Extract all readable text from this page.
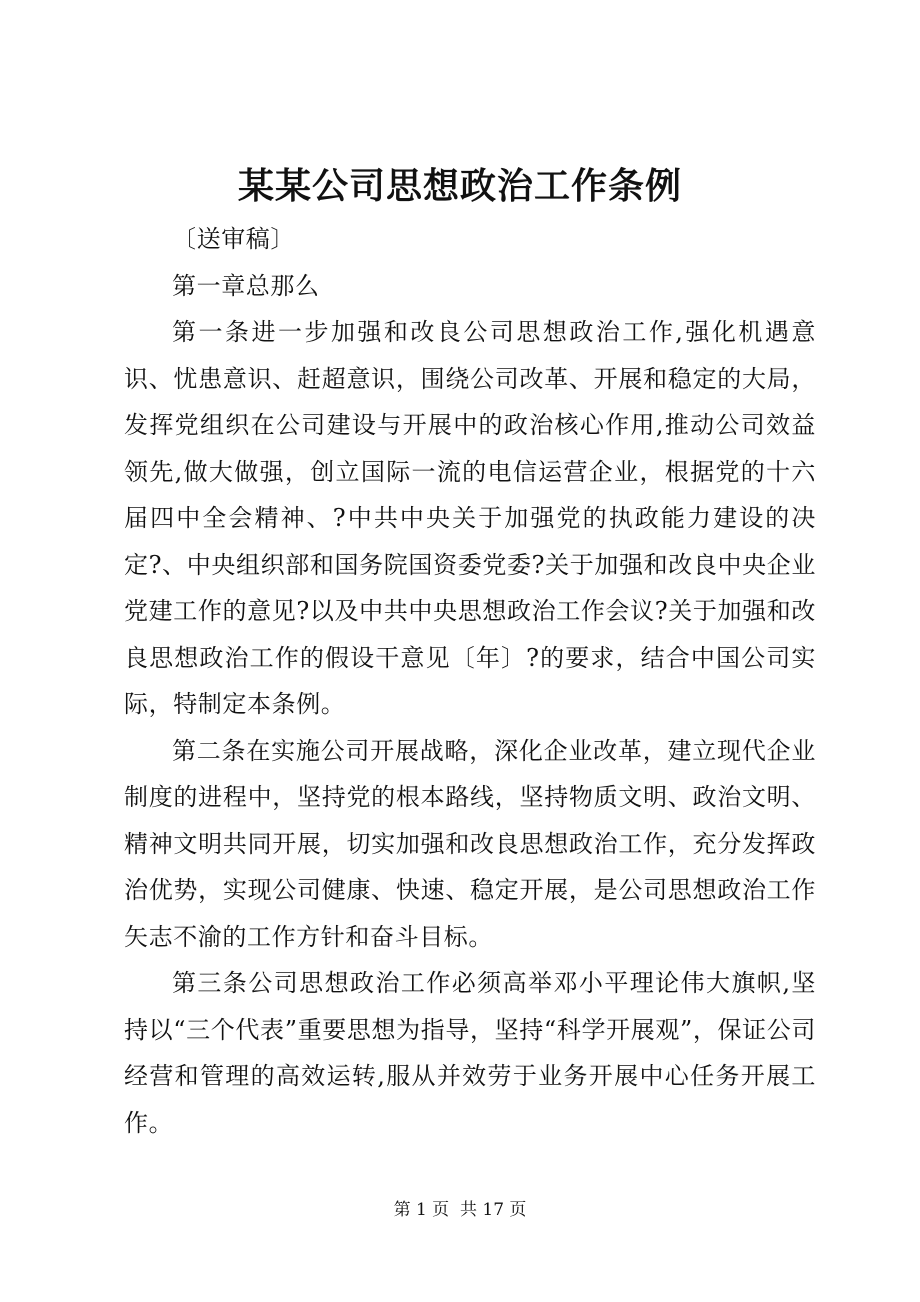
某某公司思想政治工作条例

〔送审稿〕

第一章总那么

第一条进一步加强和改良公司思想政治工作,强化机遇意识、忧患意识、赶超意识，围绕公司改革、开展和稳定的大局，发挥党组织在公司建设与开展中的政治核心作用,推动公司效益领先,做大做强，创立国际一流的电信运营企业，根据党的十六届四中全会精神、?中共中央关于加强党的执政能力建设的决定?、中央组织部和国务院国资委党委?关于加强和改良中央企业党建工作的意见?以及中共中央思想政治工作会议?关于加强和改良思想政治工作的假设干意见〔年〕?的要求，结合中国公司实际，特制定本条例。

第二条在实施公司开展战略，深化企业改革，建立现代企业制度的进程中，坚持党的根本路线，坚持物质文明、政治文明、精神文明共同开展，切实加强和改良思想政治工作，充分发挥政治优势，实现公司健康、快速、稳定开展，是公司思想政治工作矢志不渝的工作方针和奋斗目标。

第三条公司思想政治工作必须高举邓小平理论伟大旗帜,坚持以“三个代表”重要思想为指导，坚持“科学开展观”，保证公司经营和管理的高效运转,服从并效劳于业务开展中心任务开展工作。

第 1 页  共 17 页
